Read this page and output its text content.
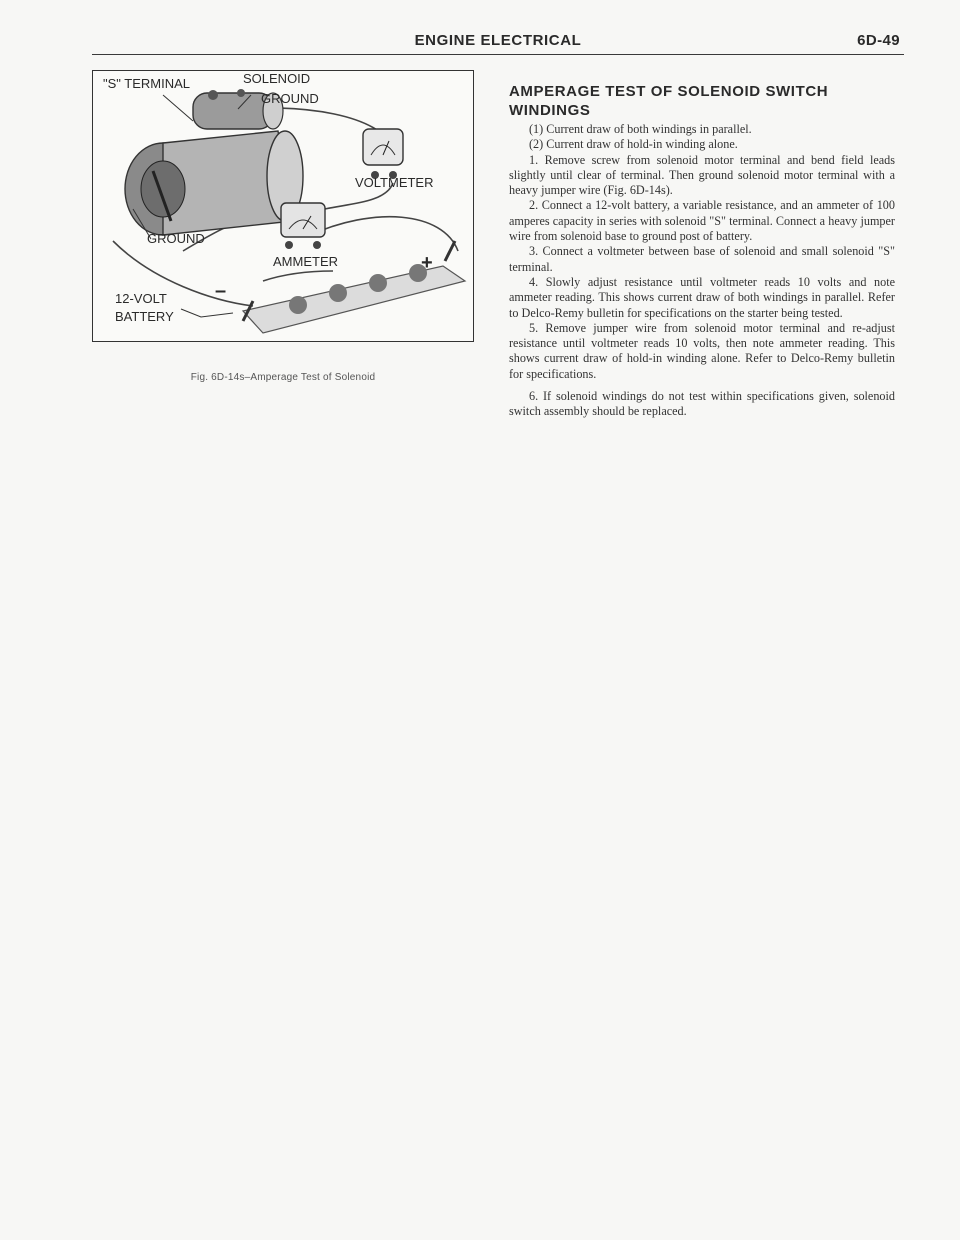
ENGINE ELECTRICAL	6D-49
"S" TERMINAL	SOLENOID
GROUND
VOLTMETER
GROUND
AMMETER
12-VOLT
BATTERY
+
–
Fig. 6D-14s–Amperage Test of Solenoid
AMPERAGE TEST OF SOLENOID SWITCH WINDINGS

(1) Current draw of both windings in parallel.

(2) Current draw of hold-in winding alone.

1. Remove screw from solenoid motor terminal and bend field leads slightly until clear of terminal. Then ground solenoid motor terminal with a heavy jumper wire (Fig. 6D-14s).

2. Connect a 12-volt battery, a variable resistance, and an ammeter of 100 amperes capacity in series with solenoid "S" terminal. Connect a heavy jumper wire from solenoid base to ground post of battery.

3. Connect a voltmeter between base of solenoid and small solenoid "S" terminal.

4. Slowly adjust resistance until voltmeter reads 10 volts and note ammeter reading. This shows current draw of both windings in parallel. Refer to Delco-Remy bulletin for specifications on the starter being tested.

5. Remove jumper wire from solenoid motor terminal and re-adjust resistance until voltmeter reads 10 volts, then note ammeter reading. This shows current draw of hold-in winding alone. Refer to Delco-Remy bulletin for specifications.

6. If solenoid windings do not test within specifications given, solenoid switch assembly should be replaced.
